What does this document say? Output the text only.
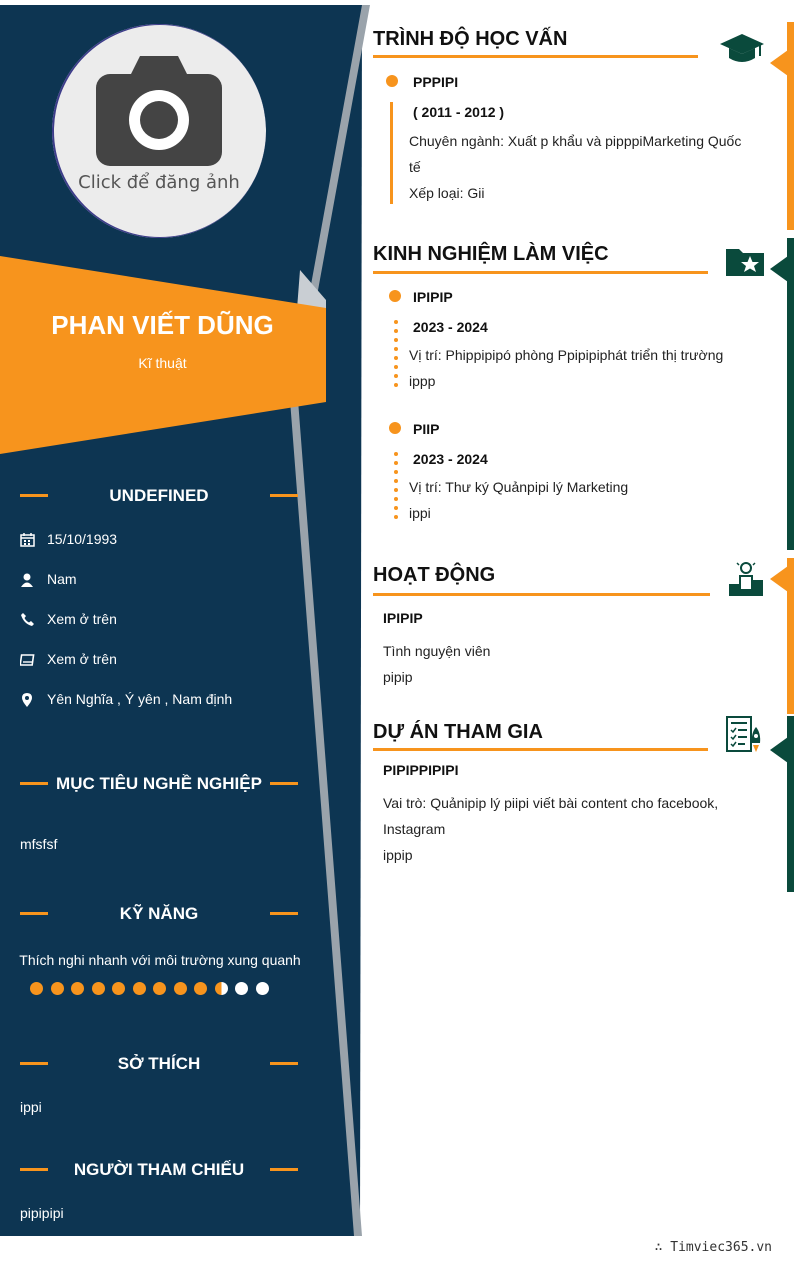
Click để đăng ảnh
PHAN VIẾT DŨNG
Kĩ thuật
UNDEFINED
15/10/1993
Nam
Xem ở trên
Xem ở trên
Yên Nghĩa , Ý yên , Nam định
MỤC TIÊU NGHỀ NGHIỆP
mfsfsf
KỸ NĂNG
Thích nghi nhanh với môi trường xung quanh
SỞ THÍCH
ippi
NGƯỜI THAM CHIẾU
pipipipi
TRÌNH ĐỘ HỌC VẤN
PPPIPI
( 2011 - 2012 )
Chuyên ngành: Xuất p khẩu và pipppiMarketing Quốc
tế
Xếp loại: Gii
KINH NGHIỆM LÀM VIỆC
IPIPIP
2023 - 2024
Vị trí: Phippipipó phòng Ppipipiphát triển thị trường
ippp
PIIP
2023 - 2024
Vị trí: Thư ký Quảnpipi lý Marketing
ippi
HOẠT ĐỘNG
IPIPIP
Tình nguyện viên
pipip
DỰ ÁN THAM GIA
PIPIPPIPIPI
Vai trò: Quảnipip lý piipi viết bài content cho facebook,
Instagram
ippip
∴ Timviec365.vn
